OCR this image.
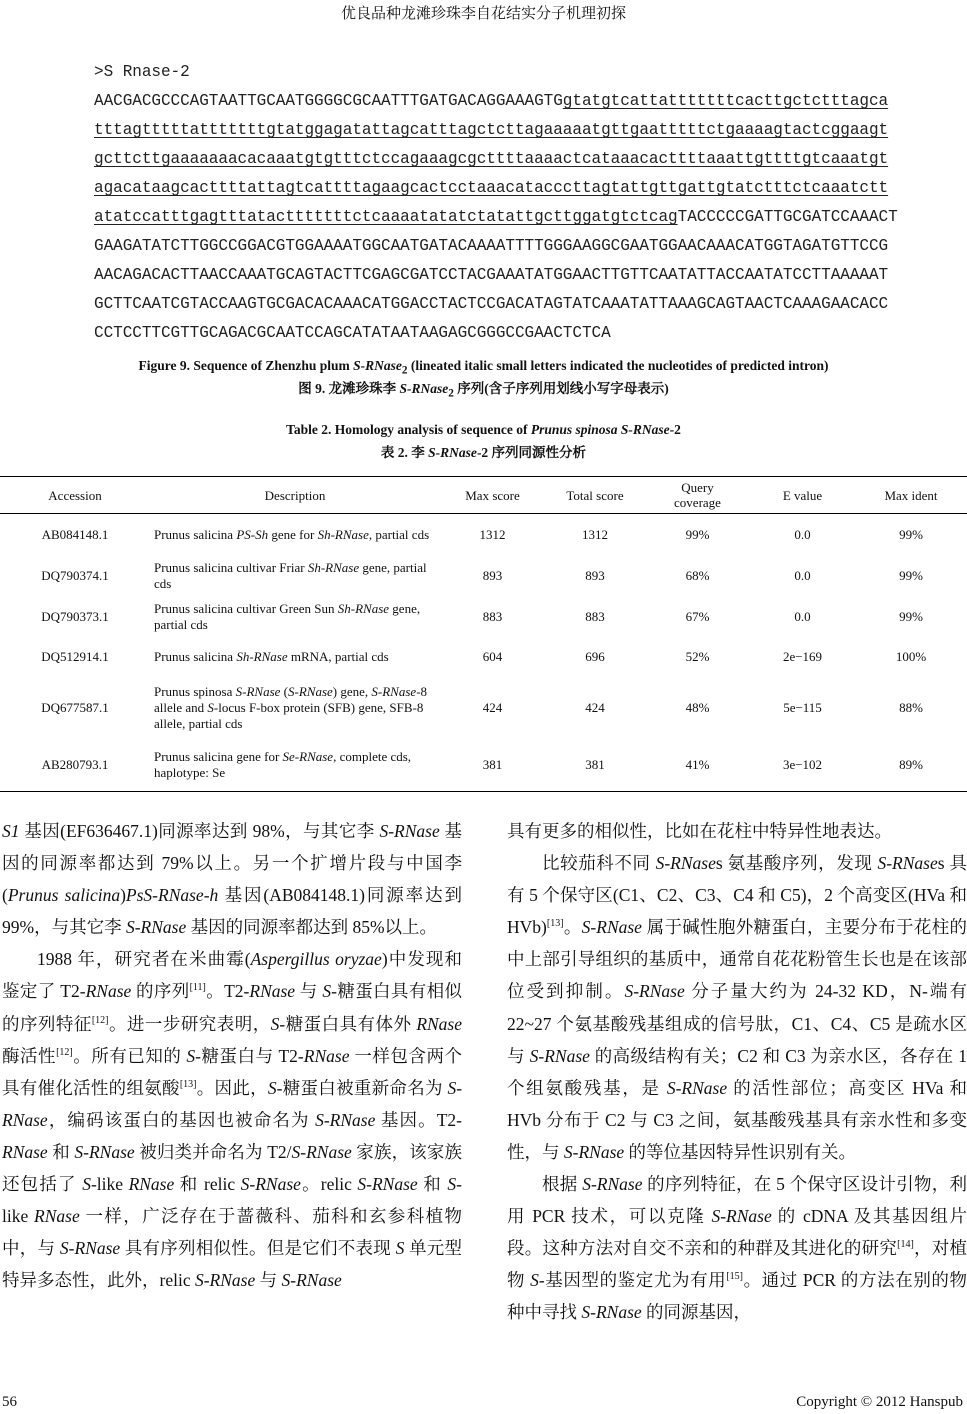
优良品种龙滩珍珠李自花结实分子机理初探
>S Rnase-2
AACGACGCCCAGTAATTGCAATGGGGCGCAATTTGATGACAGGAAAGTGgtatgtcattatttttttcacttgctctttagca
tttagtttttatttttttgtatggagatattagcatttagctcttagaaaaatgttgaatttttctgaaaagtactcggaagt
gcttcttgaaaaaaacacaaatgtgtttctccagaaagcgcttttaaaactcataaacacttttaaattgttttgtcaaatgt
agacataagcacttttattagtcattttagaagcactcctaaacatacccttagtattgttgattgtatctttctcaaatctt
atatccatttgagtttatactttttttctcaaaatatatctatattgcttggatgtctcagTACCCCCGATTGCGATCCAAACT
GAAGATATCTTGGCCGGACGTGGAAAATGGCAATGATACAAAATTTTGGGAAGGCGAATGGAACAAACATGGTAGATGTTCCG
AACAGACACTTAACCAAATGCAGTACTTCGAGCGATCCTACGAAATATGGAACTTGTTCAATATTACCAATATCCTTAAAAAT
GCTTCAATCGTACCAAGTGCGACACAAACATGGACCTACTCCGACATAGTATCAAATATTAAAGCAGTAACTCAAAGAACACC
CCTCCTTCGTTGCAGACGCAATCCAGCATATAATAAGAGCGGGCCGAACTCTCA
Figure 9. Sequence of Zhenzhu plum S-RNase$_2$ (lineated italic small letters indicated the nucleotides of predicted intron)
图 9. 龙滩珍珠李 S-RNase$_2$ 序列(含子序列用划线小写字母表示)
Table 2. Homology analysis of sequence of Prunus spinosa S-RNase-2
表 2. 李 S-RNase-2 序列同源性分析
Accession	Description	Max score	Total score	Query coverage	E value	Max ident
AB084148.1	Prunus salicina PS-Sh gene for Sh-RNase, partial cds	1312	1312	99%	0.0	99%
DQ790374.1	Prunus salicina cultivar Friar Sh-RNase gene, partial cds	893	893	68%	0.0	99%
DQ790373.1	Prunus salicina cultivar Green Sun Sh-RNase gene, partial cds	883	883	67%	0.0	99%
DQ512914.1	Prunus salicina Sh-RNase mRNA, partial cds	604	696	52%	2e−169	100%
DQ677587.1	Prunus spinosa S-RNase (S-RNase) gene, S-RNase-8 allele and S-locus F-box protein (SFB) gene, SFB-8 allele, partial cds	424	424	48%	5e−115	88%
AB280793.1	Prunus salicina gene for Se-RNase, complete cds, haplotype: Se	381	381	41%	3e−102	89%

S1 基因(EF636467.1)同源率达到 98%，与其它李 S-RNase 基因的同源率都达到 79%以上。另一个扩增片段与中国李(Prunus salicina)PsS-RNase-h 基因(AB084148.1)同源率达到 99%，与其它李 S-RNase 基因的同源率都达到 85%以上。

1988 年，研究者在米曲霉(Aspergillus oryzae)中发现和鉴定了 T2-RNase 的序列[11]。T2-RNase 与 S-糖蛋白具有相似的序列特征[12]。进一步研究表明，S-糖蛋白具有体外 RNase 酶活性[12]。所有已知的 S-糖蛋白与 T2-RNase 一样包含两个具有催化活性的组氨酸[13]。因此，S-糖蛋白被重新命名为 S-RNase，编码该蛋白的基因也被命名为 S-RNase 基因。T2-RNase 和 S-RNase 被归类并命名为 T2/S-RNase 家族，该家族还包括了 S-like RNase 和 relic S-RNase。relic S-RNase 和 S-like RNase 一样，广泛存在于蔷薇科、茄科和玄参科植物中，与 S-RNase 具有序列相似性。但是它们不表现 S 单元型特异多态性，此外，relic S-RNase 与 S-RNase

具有更多的相似性，比如在花柱中特异性地表达。

比较茄科不同 S-RNases 氨基酸序列，发现 S-RNases 具有 5 个保守区(C1、C2、C3、C4 和 C5)，2 个高变区(HVa 和 HVb)[13]。S-RNase 属于碱性胞外糖蛋白，主要分布于花柱的中上部引导组织的基质中，通常自花花粉管生长也是在该部位受到抑制。S-RNase 分子量大约为 24-32 KD，N-端有 22~27 个氨基酸残基组成的信号肽，C1、C4、C5 是疏水区与 S-RNase 的高级结构有关；C2 和 C3 为亲水区，各存在 1 个组氨酸残基，是 S-RNase 的活性部位；高变区 HVa 和 HVb 分布于 C2 与 C3 之间，氨基酸残基具有亲水性和多变性，与 S-RNase 的等位基因特异性识别有关。

根据 S-RNase 的序列特征，在 5 个保守区设计引物，利用 PCR 技术，可以克隆 S-RNase 的 cDNA 及其基因组片段。这种方法对自交不亲和的种群及其进化的研究[14]，对植物 S-基因型的鉴定尤为有用[15]。通过 PCR 的方法在别的物种中寻找 S-RNase 的同源基因，

56	Copyright © 2012 Hanspub
